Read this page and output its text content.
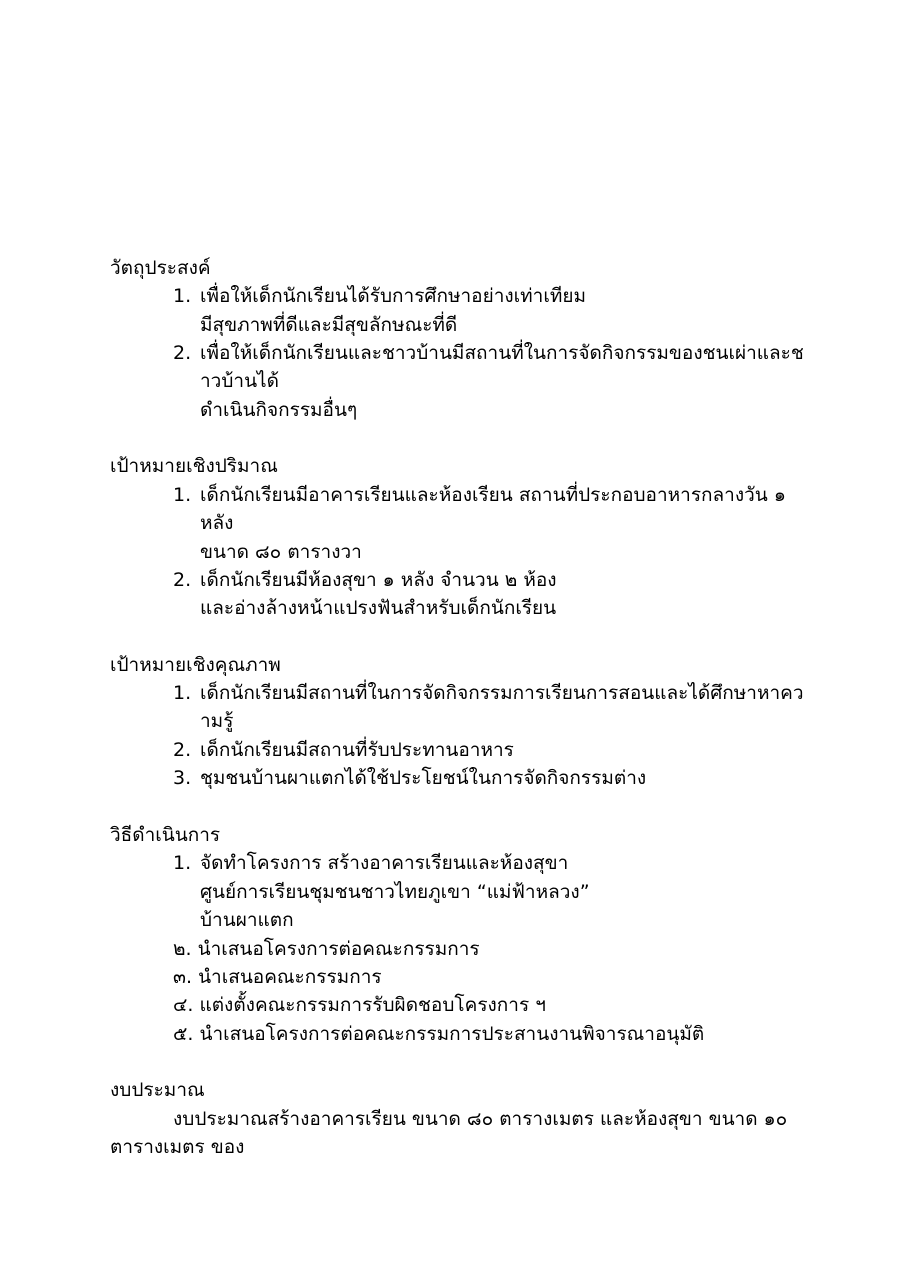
วัตถุประสงค์
1. เพื่อให้เด็กนักเรียนได้รับการศึกษาอย่างเท่าเทียม
มีสุขภาพที่ดีและมีสุขลักษณะที่ดี
2. เพื่อให้เด็กนักเรียนและชาวบ้านมีสถานที่ในการจัดกิจกรรมของชนเผ่าและช
าวบ้านได้
ดำเนินกิจกรรมอื่นๆ
เป้าหมายเชิงปริมาณ
1. เด็กนักเรียนมีอาคารเรียนและห้องเรียน สถานที่ประกอบอาหารกลางวัน ๑
หลัง
ขนาด ๘๐ ตารางวา
2. เด็กนักเรียนมีห้องสุขา ๑ หลัง จำนวน ๒ ห้อง
และอ่างล้างหน้าแปรงฟันสำหรับเด็กนักเรียน
เป้าหมายเชิงคุณภาพ
1. เด็กนักเรียนมีสถานที่ในการจัดกิจกรรมการเรียนการสอนและได้ศึกษาหาคว
ามรู้
2. เด็กนักเรียนมีสถานที่รับประทานอาหาร
3. ชุมชนบ้านผาแตกได้ใช้ประโยชน์ในการจัดกิจกรรมต่าง
วิธีดำเนินการ
1. จัดทำโครงการ สร้างอาคารเรียนและห้องสุขา
ศูนย์การเรียนชุมชนชาวไทยภูเขา “แม่ฟ้าหลวง”
บ้านผาแตก
๒. นำเสนอโครงการต่อคณะกรรมการ
๓. นำเสนอคณะกรรมการ
๔. แต่งตั้งคณะกรรมการรับผิดชอบโครงการ ฯ
๕. นำเสนอโครงการต่อคณะกรรมการประสานงานพิจารณาอนุมัติ
งบประมาณ
งบประมาณสร้างอาคารเรียน ขนาด ๘๐ ตารางเมตร และห้องสุขา ขนาด ๑๐
ตารางเมตร ของ
